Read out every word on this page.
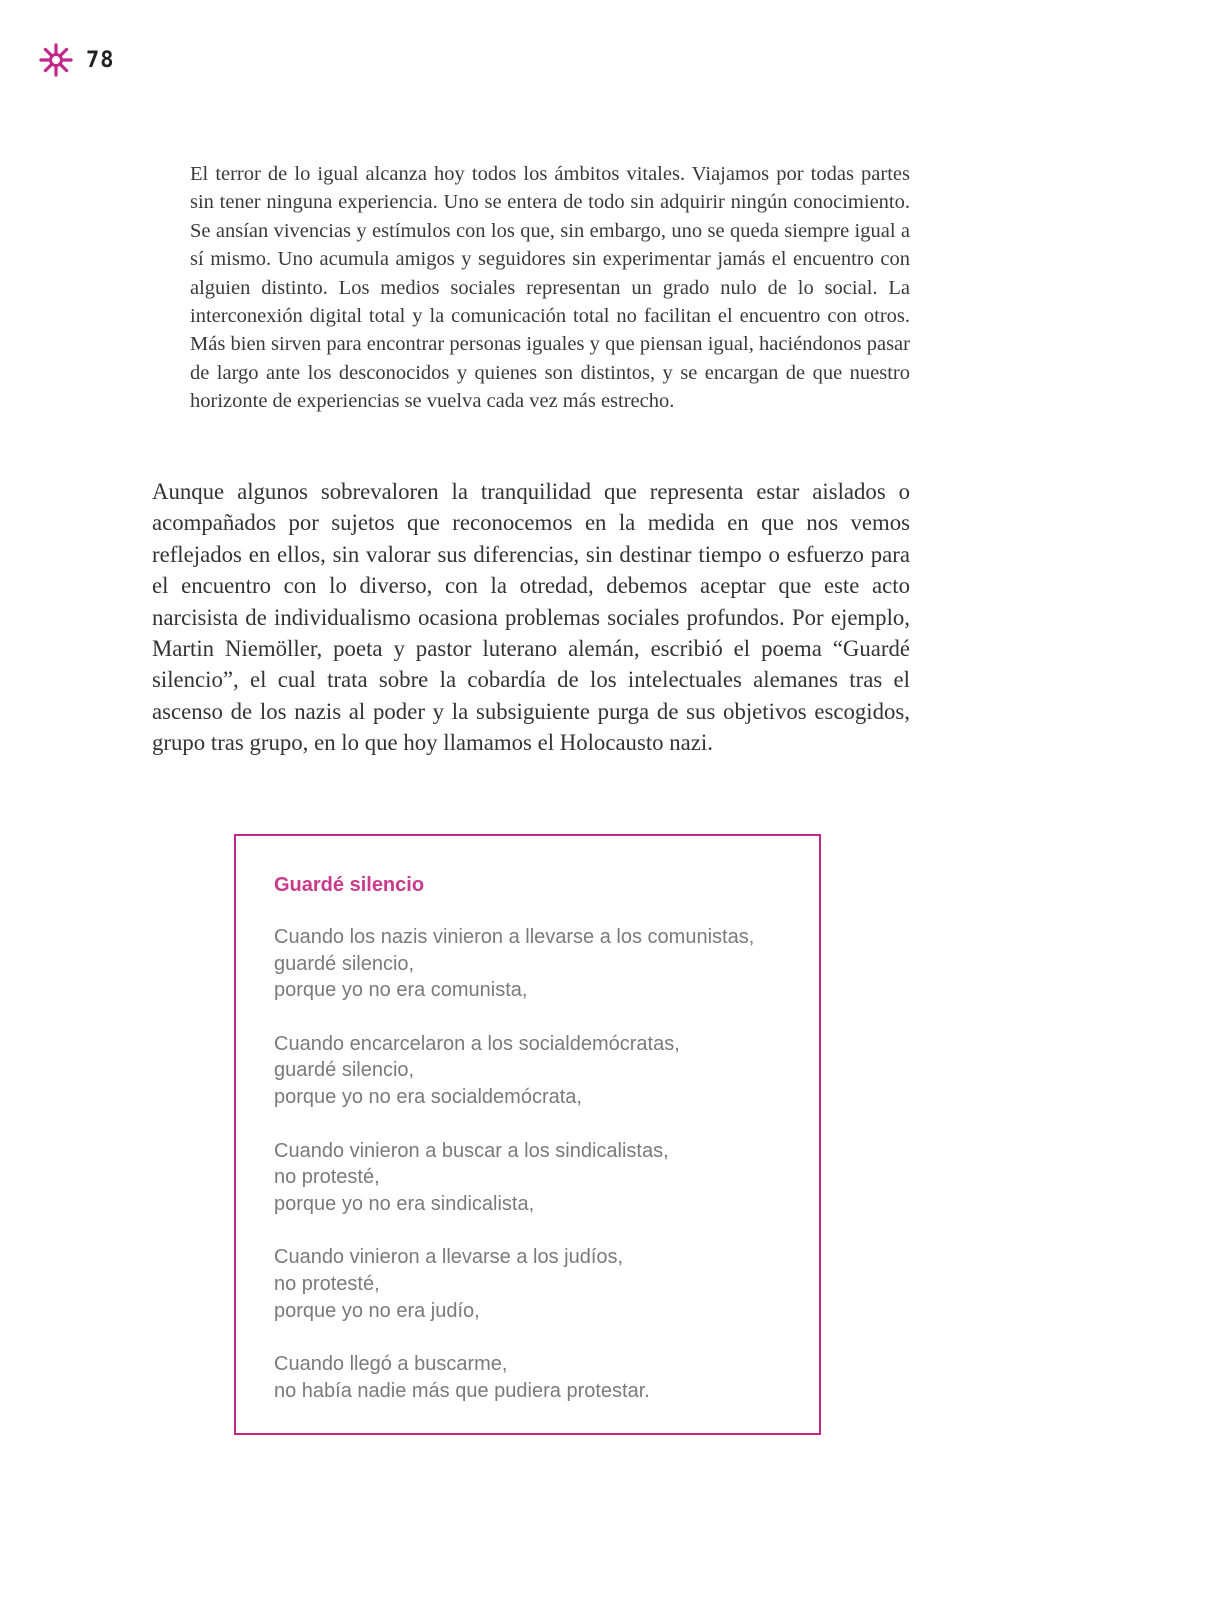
78

El terror de lo igual alcanza hoy todos los ámbitos vitales. Viajamos por todas partes sin tener ninguna experiencia. Uno se entera de todo sin adquirir ningún conocimiento. Se ansían vivencias y estímulos con los que, sin embargo, uno se queda siempre igual a sí mismo. Uno acumula amigos y seguidores sin experimentar jamás el encuentro con alguien distinto. Los medios sociales representan un grado nulo de lo social. La interconexión digital total y la comunicación total no facilitan el encuentro con otros. Más bien sirven para encontrar personas iguales y que piensan igual, haciéndonos pasar de largo ante los desconocidos y quienes son distintos, y se encargan de que nuestro horizonte de experiencias se vuelva cada vez más estrecho.

Aunque algunos sobrevaloren la tranquilidad que representa estar aislados o acompañados por sujetos que reconocemos en la medida en que nos vemos reflejados en ellos, sin valorar sus diferencias, sin destinar tiempo o esfuerzo para el encuentro con lo diverso, con la otredad, debemos aceptar que este acto narcisista de individualismo ocasiona problemas sociales profundos. Por ejemplo, Martin Niemöller, poeta y pastor luterano alemán, escribió el poema “Guardé silencio”, el cual trata sobre la cobardía de los intelectuales alemanes tras el ascenso de los nazis al poder y la subsiguiente purga de sus objetivos escogidos, grupo tras grupo, en lo que hoy llamamos el Holocausto nazi.

Guardé silencio
Cuando los nazis vinieron a llevarse a los comunistas,
guardé silencio,
porque yo no era comunista,
Cuando encarcelaron a los socialdemócratas,
guardé silencio,
porque yo no era socialdemócrata,
Cuando vinieron a buscar a los sindicalistas,
no protesté,
porque yo no era sindicalista,
Cuando vinieron a llevarse a los judíos,
no protesté,
porque yo no era judío,
Cuando llegó a buscarme,
no había nadie más que pudiera protestar.
